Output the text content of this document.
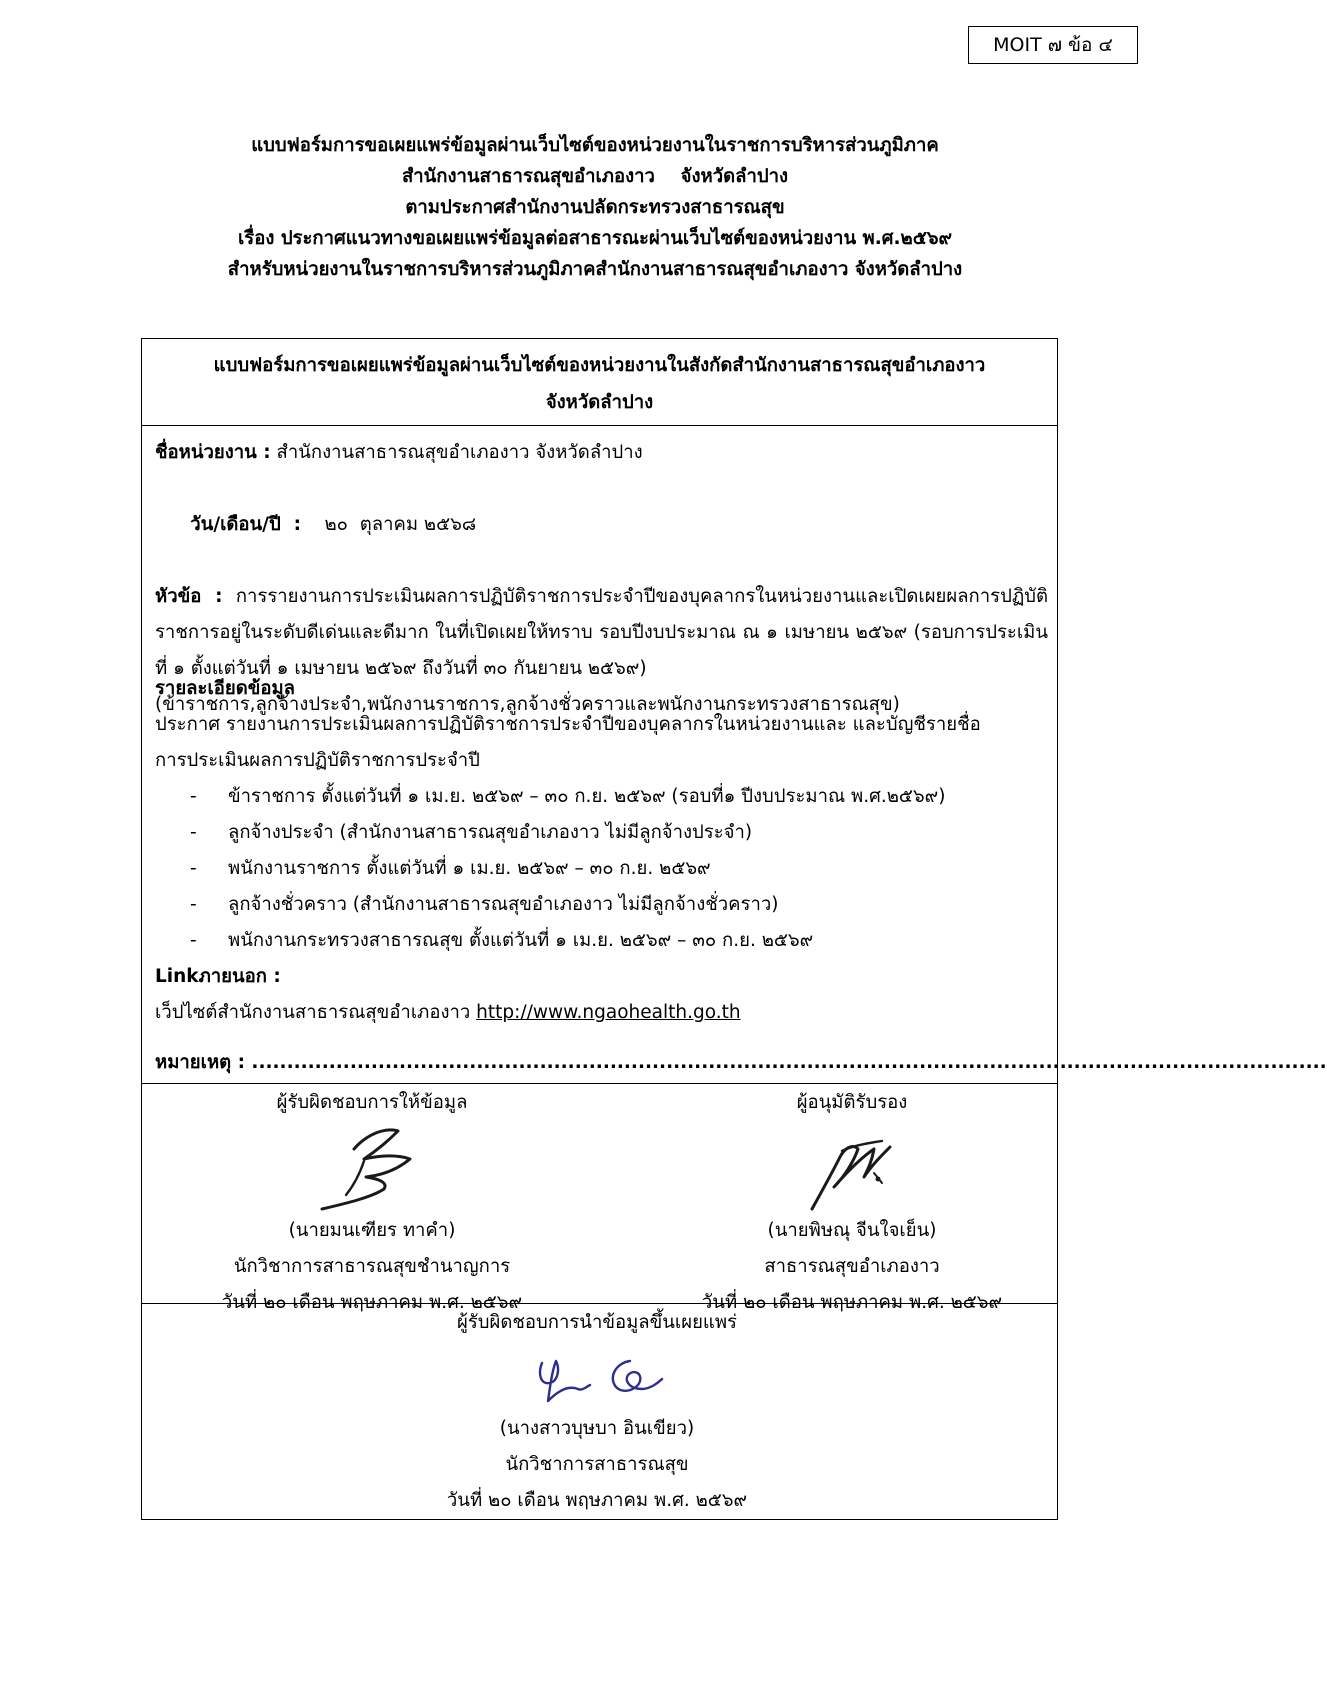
MOIT ๗ ข้อ ๔
แบบฟอร์มการขอเผยแพร่ข้อมูลผ่านเว็บไซต์ของหน่วยงานในราชการบริหารส่วนภูมิภาค
สำนักงานสาธารณสุขอำเภองาว    จังหวัดลำปาง
ตามประกาศสำนักงานปลัดกระทรวงสาธารณสุข
เรื่อง ประกาศแนวทางขอเผยแพร่ข้อมูลต่อสาธารณะผ่านเว็บไซต์ของหน่วยงาน พ.ศ.๒๕๖๙
สำหรับหน่วยงานในราชการบริหารส่วนภูมิภาคสำนักงานสาธารณสุขอำเภองาว จังหวัดลำปาง
แบบฟอร์มการขอเผยแพร่ข้อมูลผ่านเว็บไซต์ของหน่วยงานในสังกัดสำนักงานสาธารณสุขอำเภองาว
จังหวัดลำปาง
ชื่อหน่วยงาน : สำนักงานสาธารณสุขอำเภองาว จังหวัดลำปาง

วัน/เดือน/ปี  :    ๒๐  ตุลาคม ๒๕๖๘

หัวข้อ : การรายงานการประเมินผลการปฏิบัติราชการประจำปีของบุคลากรในหน่วยงานและเปิดเผยผลการปฏิบัติราชการอยู่ในระดับดีเด่นและดีมาก ในที่เปิดเผยให้ทราบ รอบปีงบประมาณ ณ ๑ เมษายน ๒๕๖๙ (รอบการประเมินที่ ๑ ตั้งแต่วันที่ ๑ เมษายน ๒๕๖๙ ถึงวันที่ ๓๐ กันยายน ๒๕๖๙)
(ข้าราชการ,ลูกจ้างประจำ,พนักงานราชการ,ลูกจ้างชั่วคราวและพนักงานกระทรวงสาธารณสุข)
รายละเอียดข้อมูล
ประกาศ รายงานการประเมินผลการปฏิบัติราชการประจำปีของบุคลากรในหน่วยงานและ และบัญชีรายชื่อ
การประเมินผลการปฏิบัติราชการประจำปี
- ข้าราชการ ตั้งแต่วันที่ ๑ เม.ย. ๒๕๖๙ – ๓๐ ก.ย. ๒๕๖๙ (รอบที่๑ ปีงบประมาณ พ.ศ.๒๕๖๙)
- ลูกจ้างประจำ (สำนักงานสาธารณสุขอำเภองาว ไม่มีลูกจ้างประจำ)
- พนักงานราชการ ตั้งแต่วันที่ ๑ เม.ย. ๒๕๖๙ – ๓๐ ก.ย. ๒๕๖๙
- ลูกจ้างชั่วคราว (สำนักงานสาธารณสุขอำเภองาว ไม่มีลูกจ้างชั่วคราว)
- พนักงานกระทรวงสาธารณสุข ตั้งแต่วันที่ ๑ เม.ย. ๒๕๖๙ – ๓๐ ก.ย. ๒๕๖๙
Linkภายนอก :
เว็ปไซต์สำนักงานสาธารณสุขอำเภองาว http://www.ngaohealth.go.th
หมายเหตุ : .........................................................................................................................................................
ผู้รับผิดชอบการให้ข้อมูล
(นายมนเฑียร ทาคำ)
นักวิชาการสาธารณสุขชำนาญการ
วันที่ ๒๐ เดือน พฤษภาคม พ.ศ. ๒๕๖๙
ผู้อนุมัติรับรอง
(นายพิษณุ จีนใจเย็น)
สาธารณสุขอำเภองาว
วันที่ ๒๐ เดือน พฤษภาคม พ.ศ. ๒๕๖๙
ผู้รับผิดชอบการนำข้อมูลขึ้นเผยแพร่
(นางสาวบุษบา อินเขียว)
นักวิชาการสาธารณสุข
วันที่ ๒๐ เดือน พฤษภาคม พ.ศ. ๒๕๖๙
